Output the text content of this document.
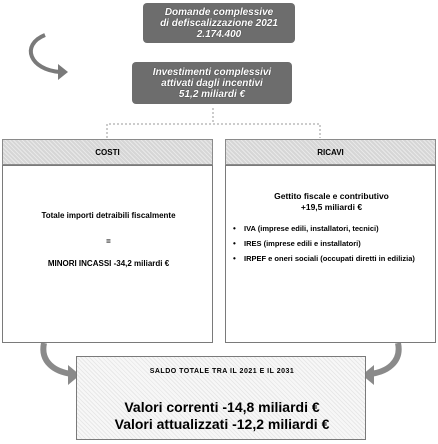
Domande complessive
di defiscalizzazione 2021
2.174.400
Investimenti complessivi
attivati dagli incentivi
51,2 miliardi €
COSTI	RICAVI
Totale importi detraibili fiscalmente
=
MINORI INCASSI -34,2 miliardi €
Gettito fiscale e contributivo
+19,5 miliardi €
• IVA (imprese edili, installatori, tecnici)
• IRES (imprese edili e installatori)
• IRPEF e oneri sociali (occupati diretti in edilizia)
SALDO TOTALE TRA IL 2021 E IL 2031
Valori correnti -14,8 miliardi €
Valori attualizzati -12,2 miliardi €
